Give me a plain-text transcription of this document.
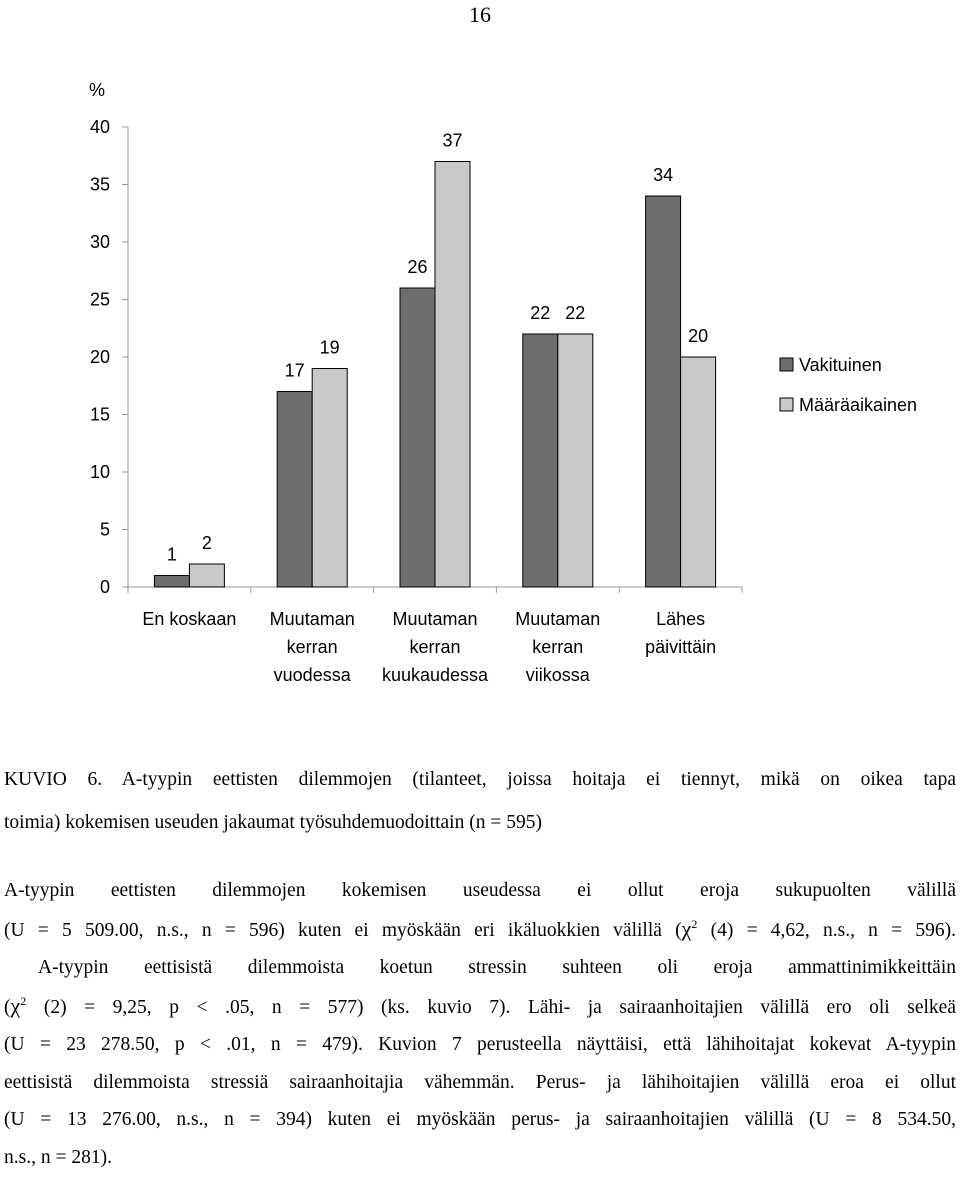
16
%
0
5
10
15
20
25
30
35
40
1
2
En koskaan
17
19
Muutaman
kerran
vuodessa
26
37
Muutaman
kerran
kuukaudessa
22 22
Muutaman
kerran
viikossa
34
20
Lähes
päivittäin
Vakituinen
Määräaikainen

KUVIO 6. A-tyypin eettisten dilemmojen (tilanteet, joissa hoitaja ei tiennyt, mikä on oikea tapa
toimia) kokemisen useuden jakaumat työsuhdemuodoittain (n = 595)

A-tyypin eettisten dilemmojen kokemisen useudessa ei ollut eroja sukupuolten välillä
(U = 5 509.00, n.s., n = 596) kuten ei myöskään eri ikäluokkien välillä ($\chi^2$ (4) = 4,62, n.s., n = 596).
A-tyypin eettisistä dilemmoista koetun stressin suhteen oli eroja ammattinimikkeittäin
($\chi^2$ (2) = 9,25, p < .05, n = 577) (ks. kuvio 7). Lähi- ja sairaanhoitajien välillä ero oli selkeä
(U = 23 278.50, p < .01, n = 479). Kuvion 7 perusteella näyttäisi, että lähihoitajat kokevat A-tyypin
eettisistä dilemmoista stressiä sairaanhoitajia vähemmän. Perus- ja lähihoitajien välillä eroa ei ollut
(U = 13 276.00, n.s., n = 394) kuten ei myöskään perus- ja sairaanhoitajien välillä (U = 8 534.50,
n.s., n = 281).
